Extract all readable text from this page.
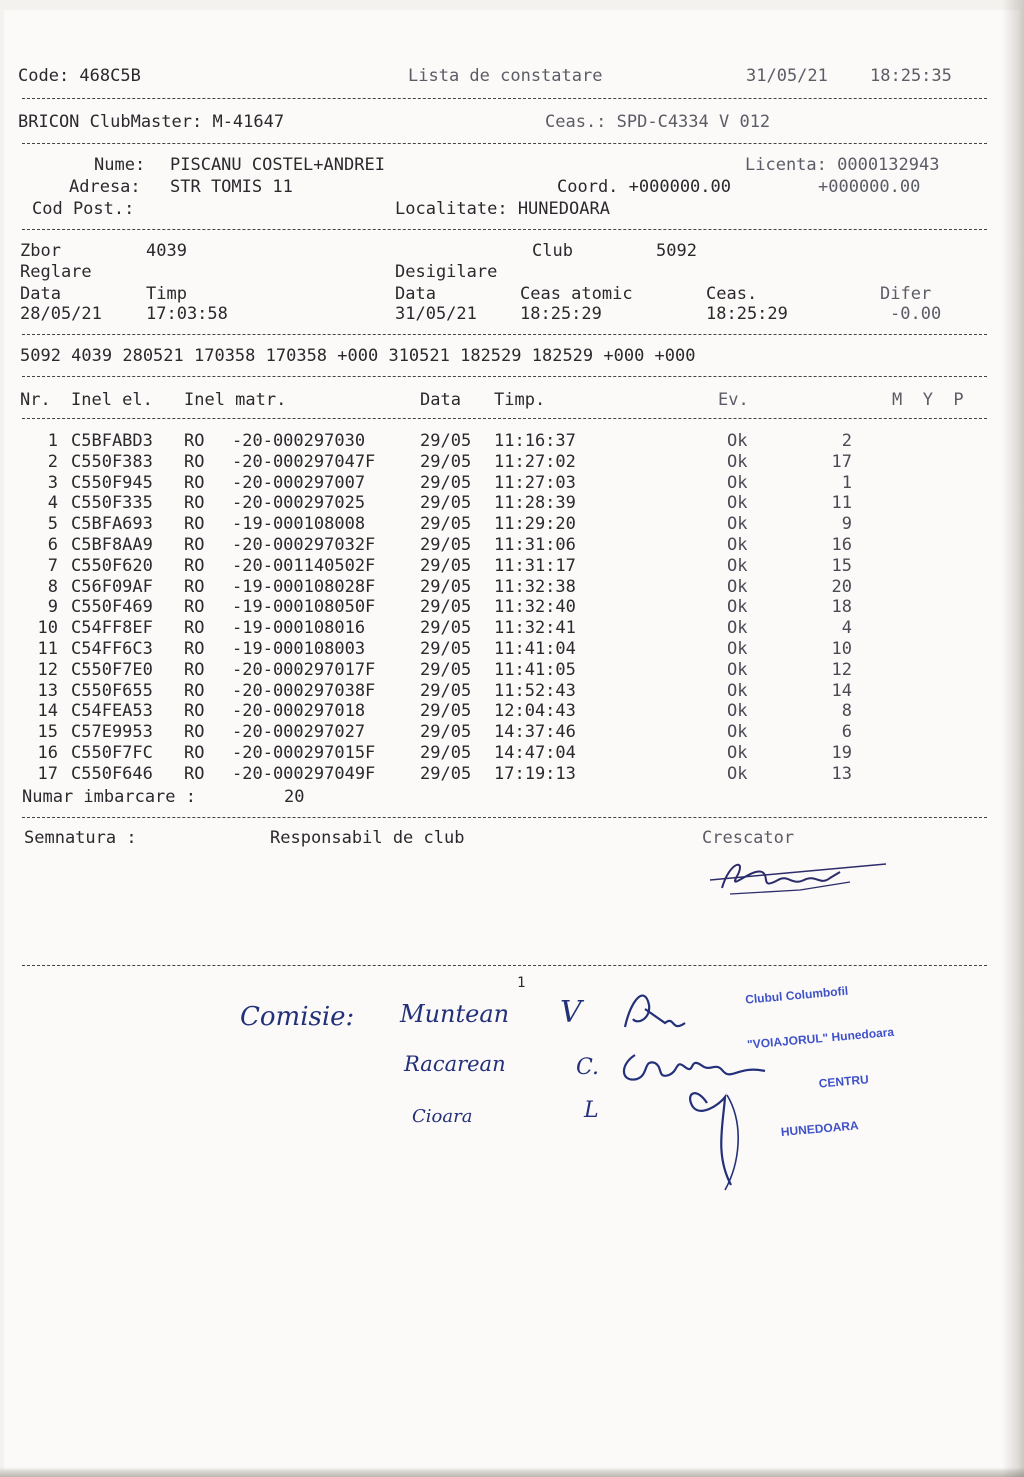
Code: 468C5B	Lista de constatare	31/05/21 18:25:35
BRICON ClubMaster: M-41647	Ceas.: SPD-C4334 V 012
Nume: PISCANU COSTEL+ANDREI	Licenta: 0000132943
Adresa: STR TOMIS 11	Coord. +000000.00	+000000.00
Cod Post.:	Localitate: HUNEDOARA
Zbor	4039	Club	5092
Reglare	Desigilare
Data	Timp	Data	Ceas atomic	Ceas.	Difer
28/05/21	17:03:58	31/05/21	18:25:29	18:25:29	-0.00
5092 4039 280521 170358 170358 +000 310521 182529 182529 +000 +000
Nr. Inel el. Inel matr.	Data Timp.	Ev.	M  Y  P
1 C5BFABD3 RO -20-000297030	29/05 11:16:37	Ok	2
2 C550F383 RO -20-000297047F	29/05 11:27:02	Ok	17
3 C550F945 RO -20-000297007	29/05 11:27:03	Ok	1
4 C550F335 RO -20-000297025	29/05 11:28:39	Ok	11
5 C5BFA693 RO -19-000108008	29/05 11:29:20	Ok	9
6 C5BF8AA9 RO -20-000297032F	29/05 11:31:06	Ok	16
7 C550F620 RO -20-001140502F	29/05 11:31:17	Ok	15
8 C56F09AF RO -19-000108028F	29/05 11:32:38	Ok	20
9 C550F469 RO -19-000108050F	29/05 11:32:40	Ok	18
10 C54FF8EF RO -19-000108016	29/05 11:32:41	Ok	4
11 C54FF6C3 RO -19-000108003	29/05 11:41:04	Ok	10
12 C550F7E0 RO -20-000297017F	29/05 11:41:05	Ok	12
13 C550F655 RO -20-000297038F	29/05 11:52:43	Ok	14
14 C54FEA53 RO -20-000297018	29/05 12:04:43	Ok	8
15 C57E9953 RO -20-000297027	29/05 14:37:46	Ok	6
16 C550F7FC RO -20-000297015F	29/05 14:47:04	Ok	19
17 C550F646 RO -20-000297049F	29/05 17:19:13	Ok	13
Numar imbarcare :	20
Semnatura :	Responsabil de club	Crescator
1

Clubul Columbofil

"VOIAJORUL" Hunedoara

CENTRU

HUNEDOARA

Comisie: Muntean V
Racarean	C.
Cioara	L
